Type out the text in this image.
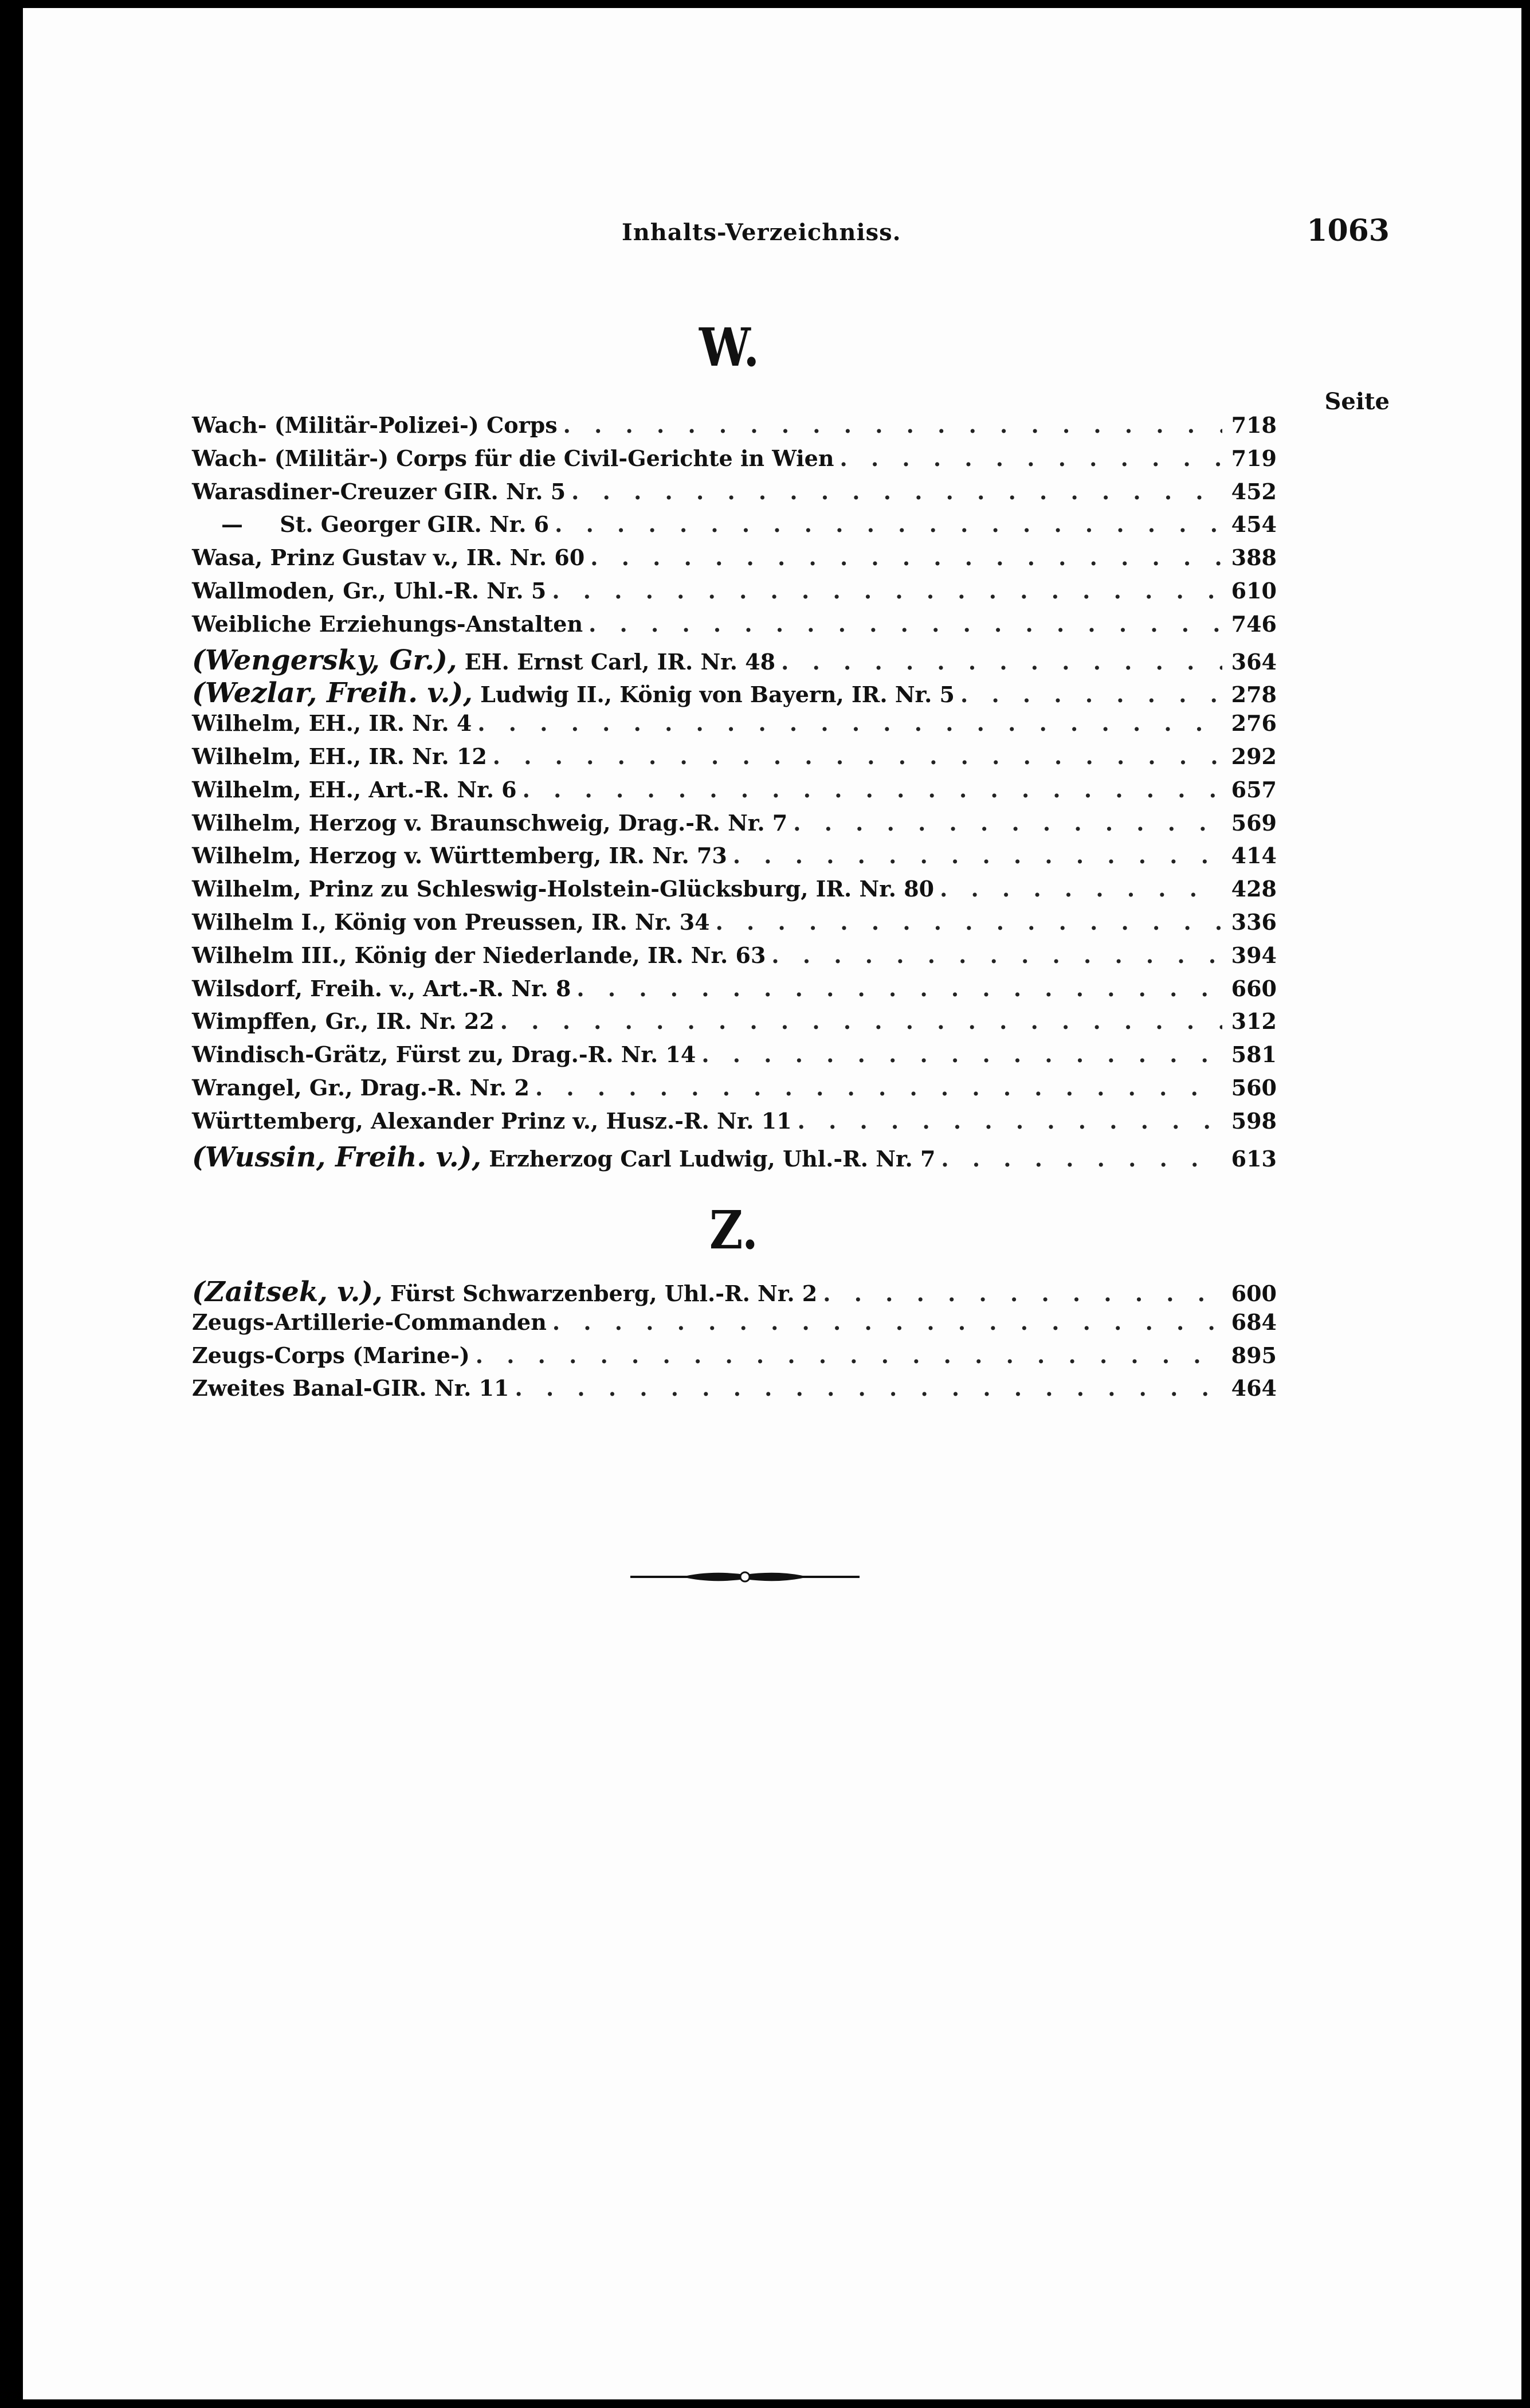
Inhalts-Verzeichniss.	1063
W.
Seite
Wach- (Militär-Polizei-) Corps . . .	718
Wach- (Militär-) Corps für die Civil-Gerichte in Wien . . .	719
Warasdiner-Creuzer GIR. Nr. 5 . . .	452
— St. Georger GIR. Nr. 6 . . .	454
Wasa, Prinz Gustav v., IR. Nr. 60 . . .	388
Wallmoden, Gr., Uhl.-R. Nr. 5 . . .	610
Weibliche Erziehungs-Anstalten . . .	746
(Wengersky, Gr.), EH. Ernst Carl, IR. Nr. 48 . . .	364
(Wezlar, Freih. v.), Ludwig II., König von Bayern, IR. Nr. 5 . . .	278
Wilhelm, EH., IR. Nr. 4 . . .	276
Wilhelm, EH., IR. Nr. 12 . . .	292
Wilhelm, EH., Art.-R. Nr. 6 . . .	657
Wilhelm, Herzog v. Braunschweig, Drag.-R. Nr. 7 . . .	569
Wilhelm, Herzog v. Württemberg, IR. Nr. 73 . . .	414
Wilhelm, Prinz zu Schleswig-Holstein-Glücksburg, IR. Nr. 80 . . .	428
Wilhelm I., König von Preussen, IR. Nr. 34 . . .	336
Wilhelm III., König der Niederlande, IR. Nr. 63 . . .	394
Wilsdorf, Freih. v., Art.-R. Nr. 8 . . .	660
Wimpffen, Gr., IR. Nr. 22 . . .	312
Windisch-Grätz, Fürst zu, Drag.-R. Nr. 14 . . .	581
Wrangel, Gr., Drag.-R. Nr. 2 . . .	560
Württemberg, Alexander Prinz v., Husz.-R. Nr. 11 . . .	598
(Wussin, Freih. v.), Erzherzog Carl Ludwig, Uhl.-R. Nr. 7 . . .	613
Z.
(Zaitsek, v.), Fürst Schwarzenberg, Uhl.-R. Nr. 2 . . .	600
Zeugs-Artillerie-Commanden . . .	684
Zeugs-Corps (Marine-) . . .	895
Zweites Banal-GIR. Nr. 11 . . .	464
